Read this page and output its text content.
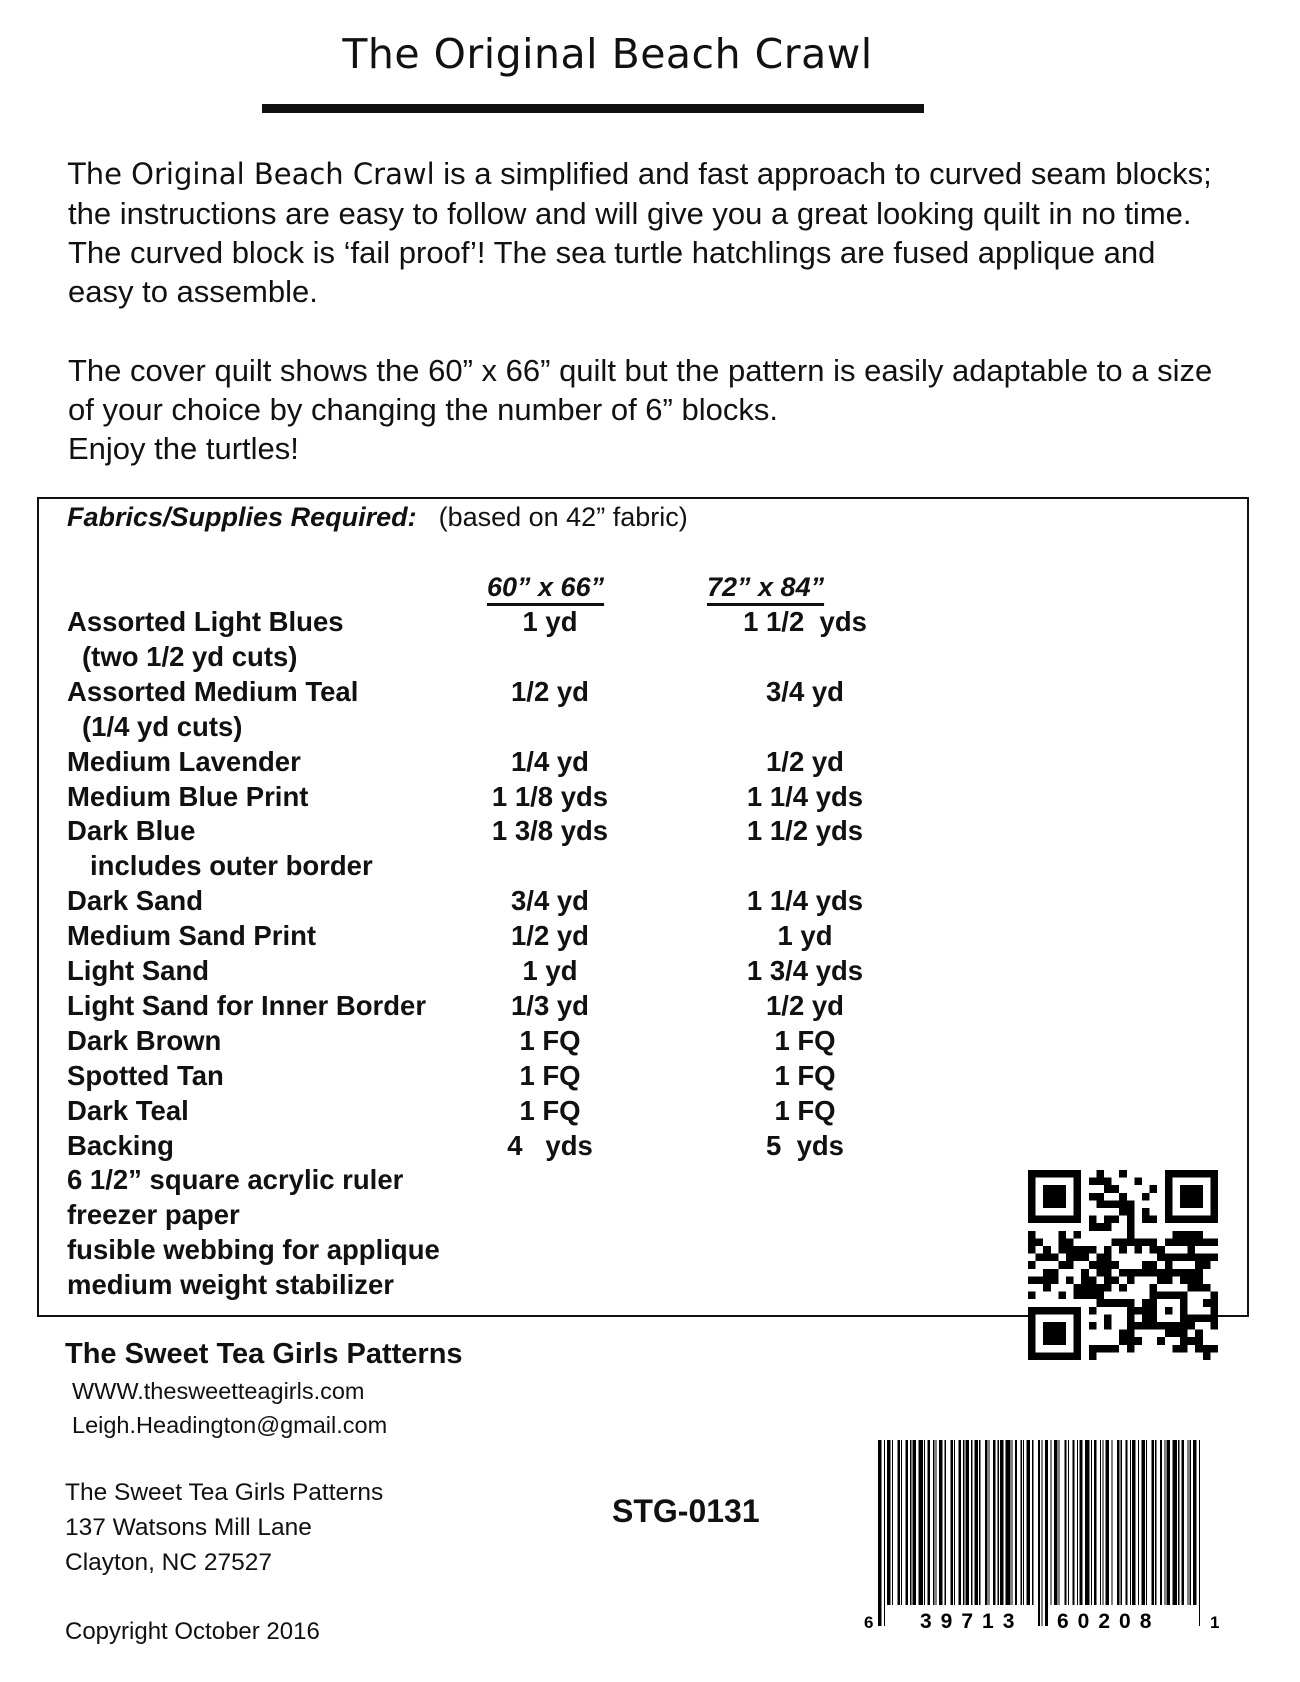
The Original Beach Crawl

The Original Beach Crawl is a simplified and fast approach to curved seam blocks; the instructions are easy to follow and will give you a great looking quilt in no time. The curved block is ‘fail proof’! The sea turtle hatchlings are fused applique and easy to assemble.

The cover quilt shows the 60” x 66” quilt but the pattern is easily adaptable to a size of your choice by changing the number of 6” blocks.
Enjoy the turtles!

Fabrics/Supplies Required: (based on 42” fabric)
60” x 66”	72” x 84”
Assorted Light Blues	1 yd	1 1/2  yds
(two 1/2 yd cuts)
Assorted Medium Teal	1/2 yd	3/4 yd
(1/4 yd cuts)
Medium Lavender	1/4 yd	1/2 yd
Medium Blue Print	1 1/8 yds	1 1/4 yds
Dark Blue	1 3/8 yds	1 1/2 yds
includes outer border
Dark Sand	3/4 yd	1 1/4 yds
Medium Sand Print	1/2 yd	1 yd
Light Sand	1 yd	1 3/4 yds
Light Sand for Inner Border	1/3 yd	1/2 yd
Dark Brown	1 FQ	1 FQ
Spotted Tan	1 FQ	1 FQ
Dark Teal	1 FQ	1 FQ
Backing	4   yds	5  yds
6 1/2” square acrylic ruler
freezer paper
fusible webbing for applique
medium weight stabilizer
The Sweet Tea Girls Patterns
WWW.thesweetteagirls.com
Leigh.Headington@gmail.com
The Sweet Tea Girls Patterns
137 Watsons Mill Lane
Clayton, NC 27527
STG-0131
6 39713 60208	1
Copyright October 2016
